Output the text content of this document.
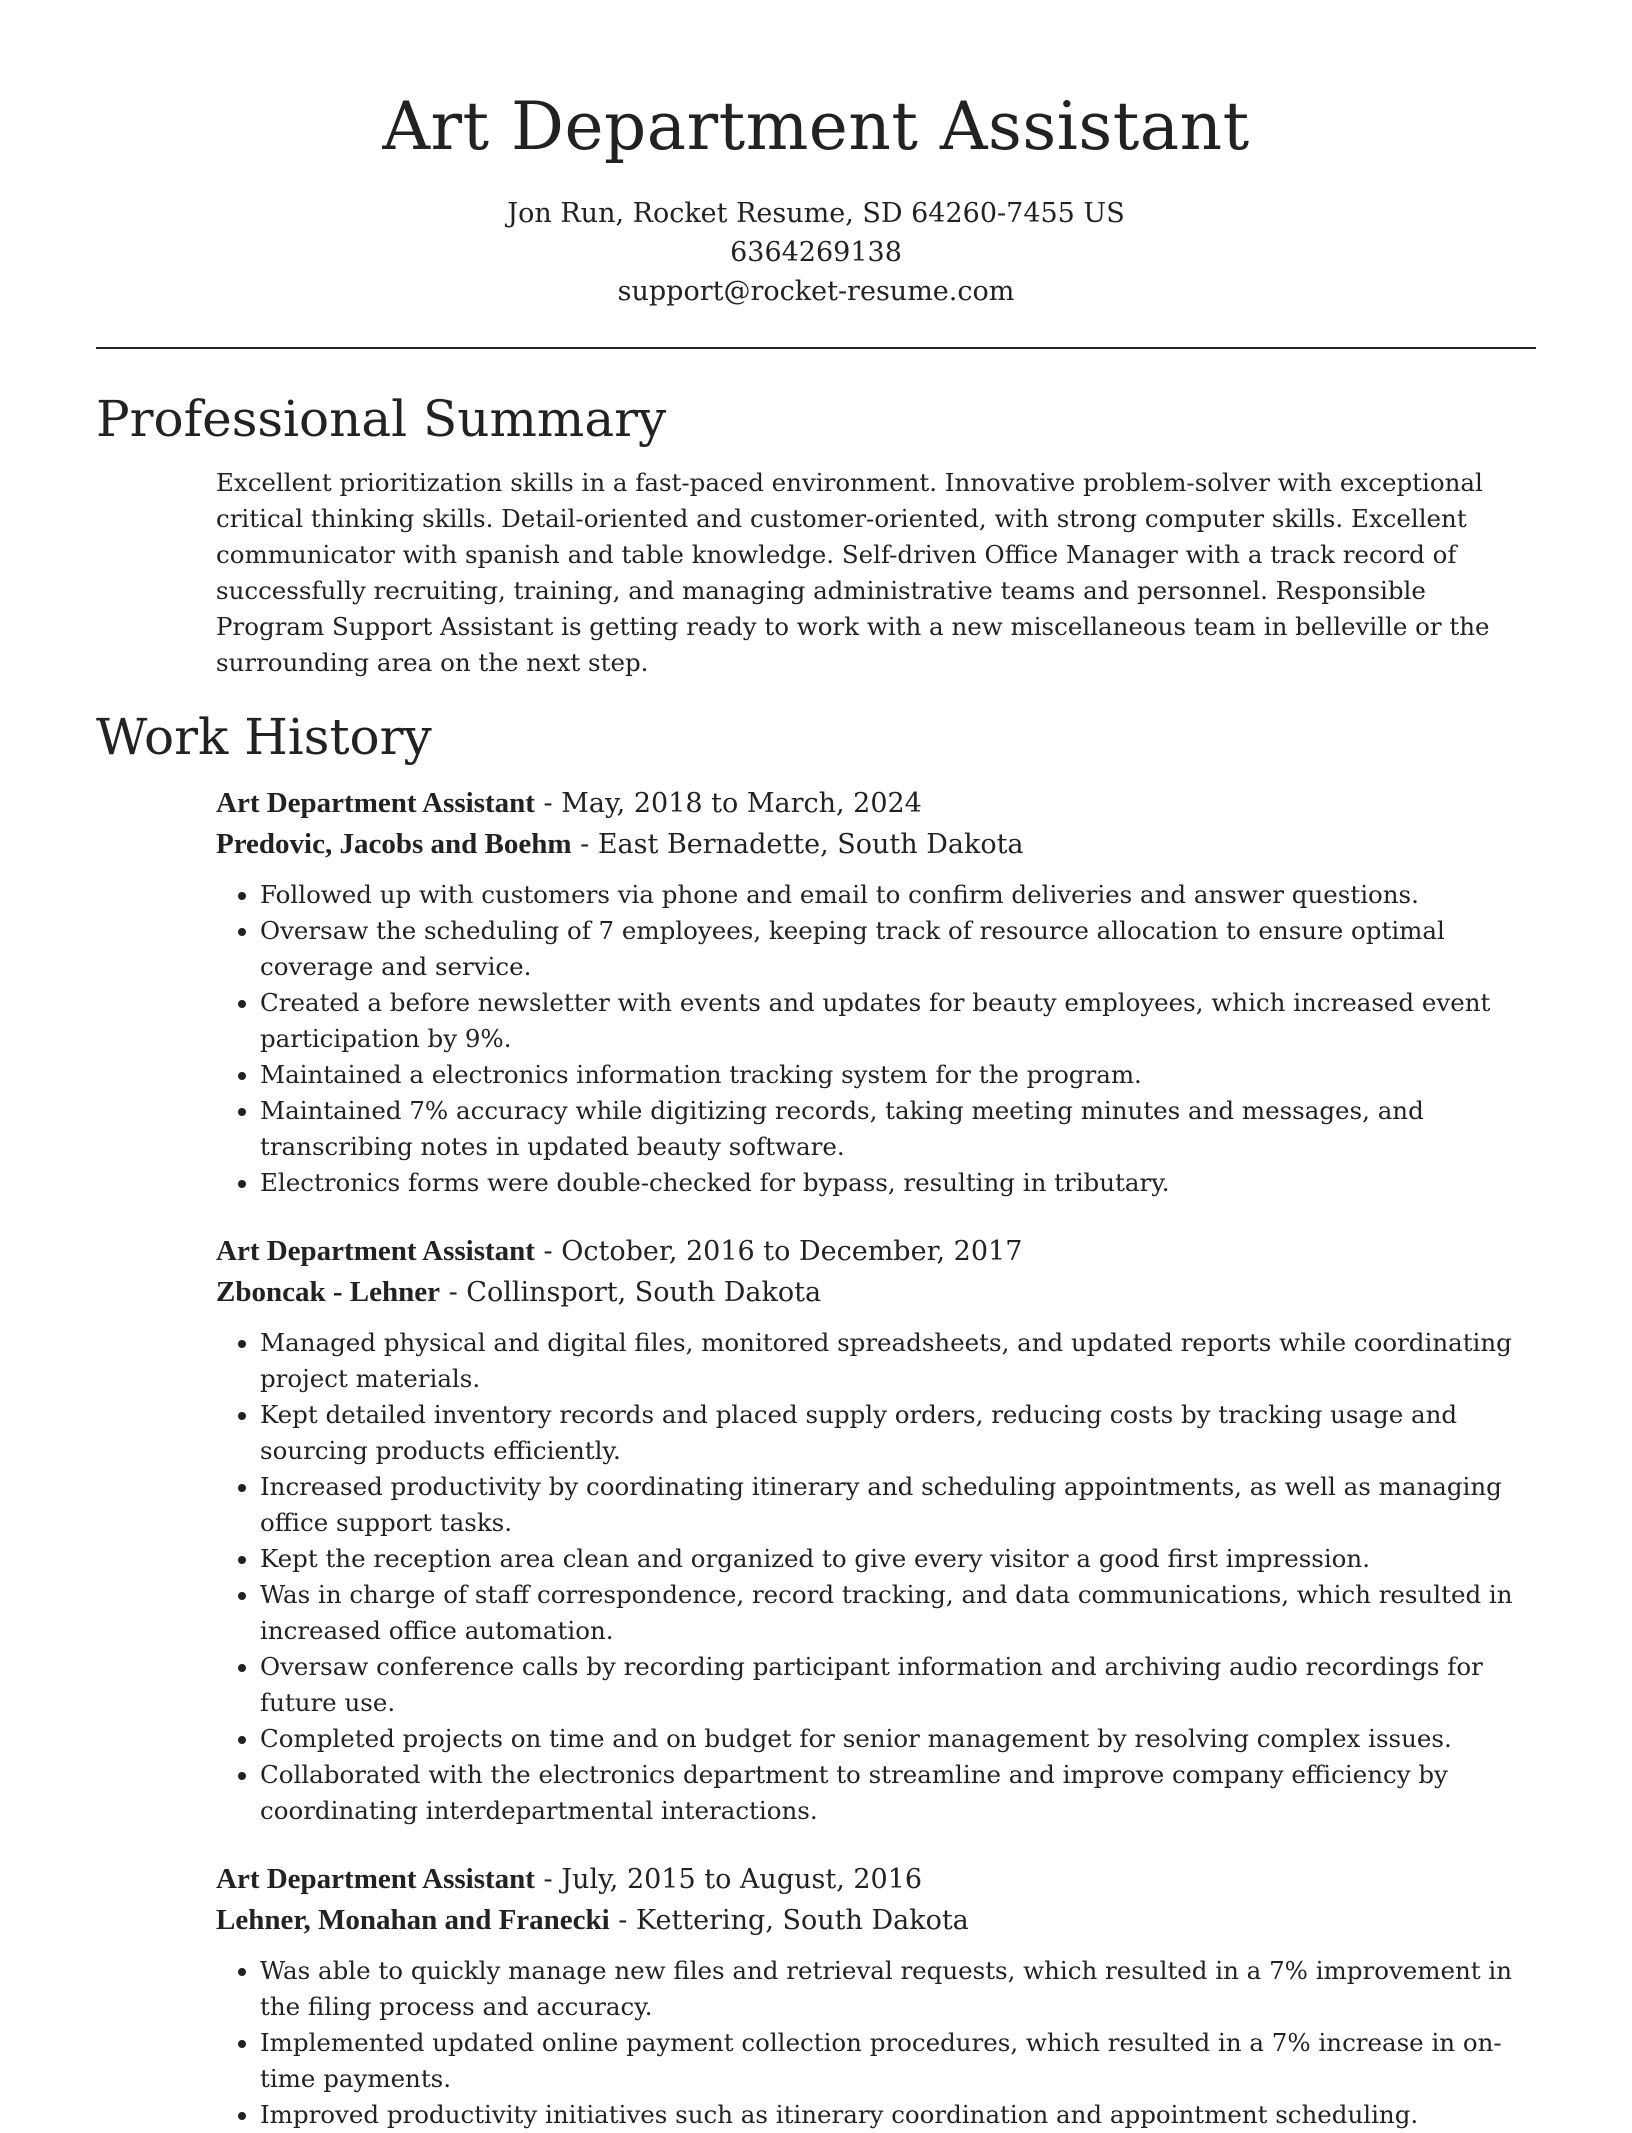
Art Department Assistant
Jon Run, Rocket Resume, SD 64260-7455 US
6364269138
support@rocket-resume.com
Professional Summary
Excellent prioritization skills in a fast-paced environment. Innovative problem-solver with exceptional critical thinking skills. Detail-oriented and customer-oriented, with strong computer skills. Excellent communicator with spanish and table knowledge. Self-driven Office Manager with a track record of successfully recruiting, training, and managing administrative teams and personnel. Responsible Program Support Assistant is getting ready to work with a new miscellaneous team in belleville or the surrounding area on the next step.
Work History
Art Department Assistant - May, 2018 to March, 2024
Predovic, Jacobs and Boehm - East Bernadette, South Dakota
• Followed up with customers via phone and email to confirm deliveries and answer questions.
• Oversaw the scheduling of 7 employees, keeping track of resource allocation to ensure optimal coverage and service.
• Created a before newsletter with events and updates for beauty employees, which increased event participation by 9%.
• Maintained a electronics information tracking system for the program.
• Maintained 7% accuracy while digitizing records, taking meeting minutes and messages, and transcribing notes in updated beauty software.
• Electronics forms were double-checked for bypass, resulting in tributary.
Art Department Assistant - October, 2016 to December, 2017
Zboncak - Lehner - Collinsport, South Dakota
• Managed physical and digital files, monitored spreadsheets, and updated reports while coordinating project materials.
• Kept detailed inventory records and placed supply orders, reducing costs by tracking usage and sourcing products efficiently.
• Increased productivity by coordinating itinerary and scheduling appointments, as well as managing office support tasks.
• Kept the reception area clean and organized to give every visitor a good first impression.
• Was in charge of staff correspondence, record tracking, and data communications, which resulted in increased office automation.
• Oversaw conference calls by recording participant information and archiving audio recordings for future use.
• Completed projects on time and on budget for senior management by resolving complex issues.
• Collaborated with the electronics department to streamline and improve company efficiency by coordinating interdepartmental interactions.
Art Department Assistant - July, 2015 to August, 2016
Lehner, Monahan and Franecki - Kettering, South Dakota
• Was able to quickly manage new files and retrieval requests, which resulted in a 7% improvement in the filing process and accuracy.
• Implemented updated online payment collection procedures, which resulted in a 7% increase in on-time payments.
• Improved productivity initiatives such as itinerary coordination and appointment scheduling.
